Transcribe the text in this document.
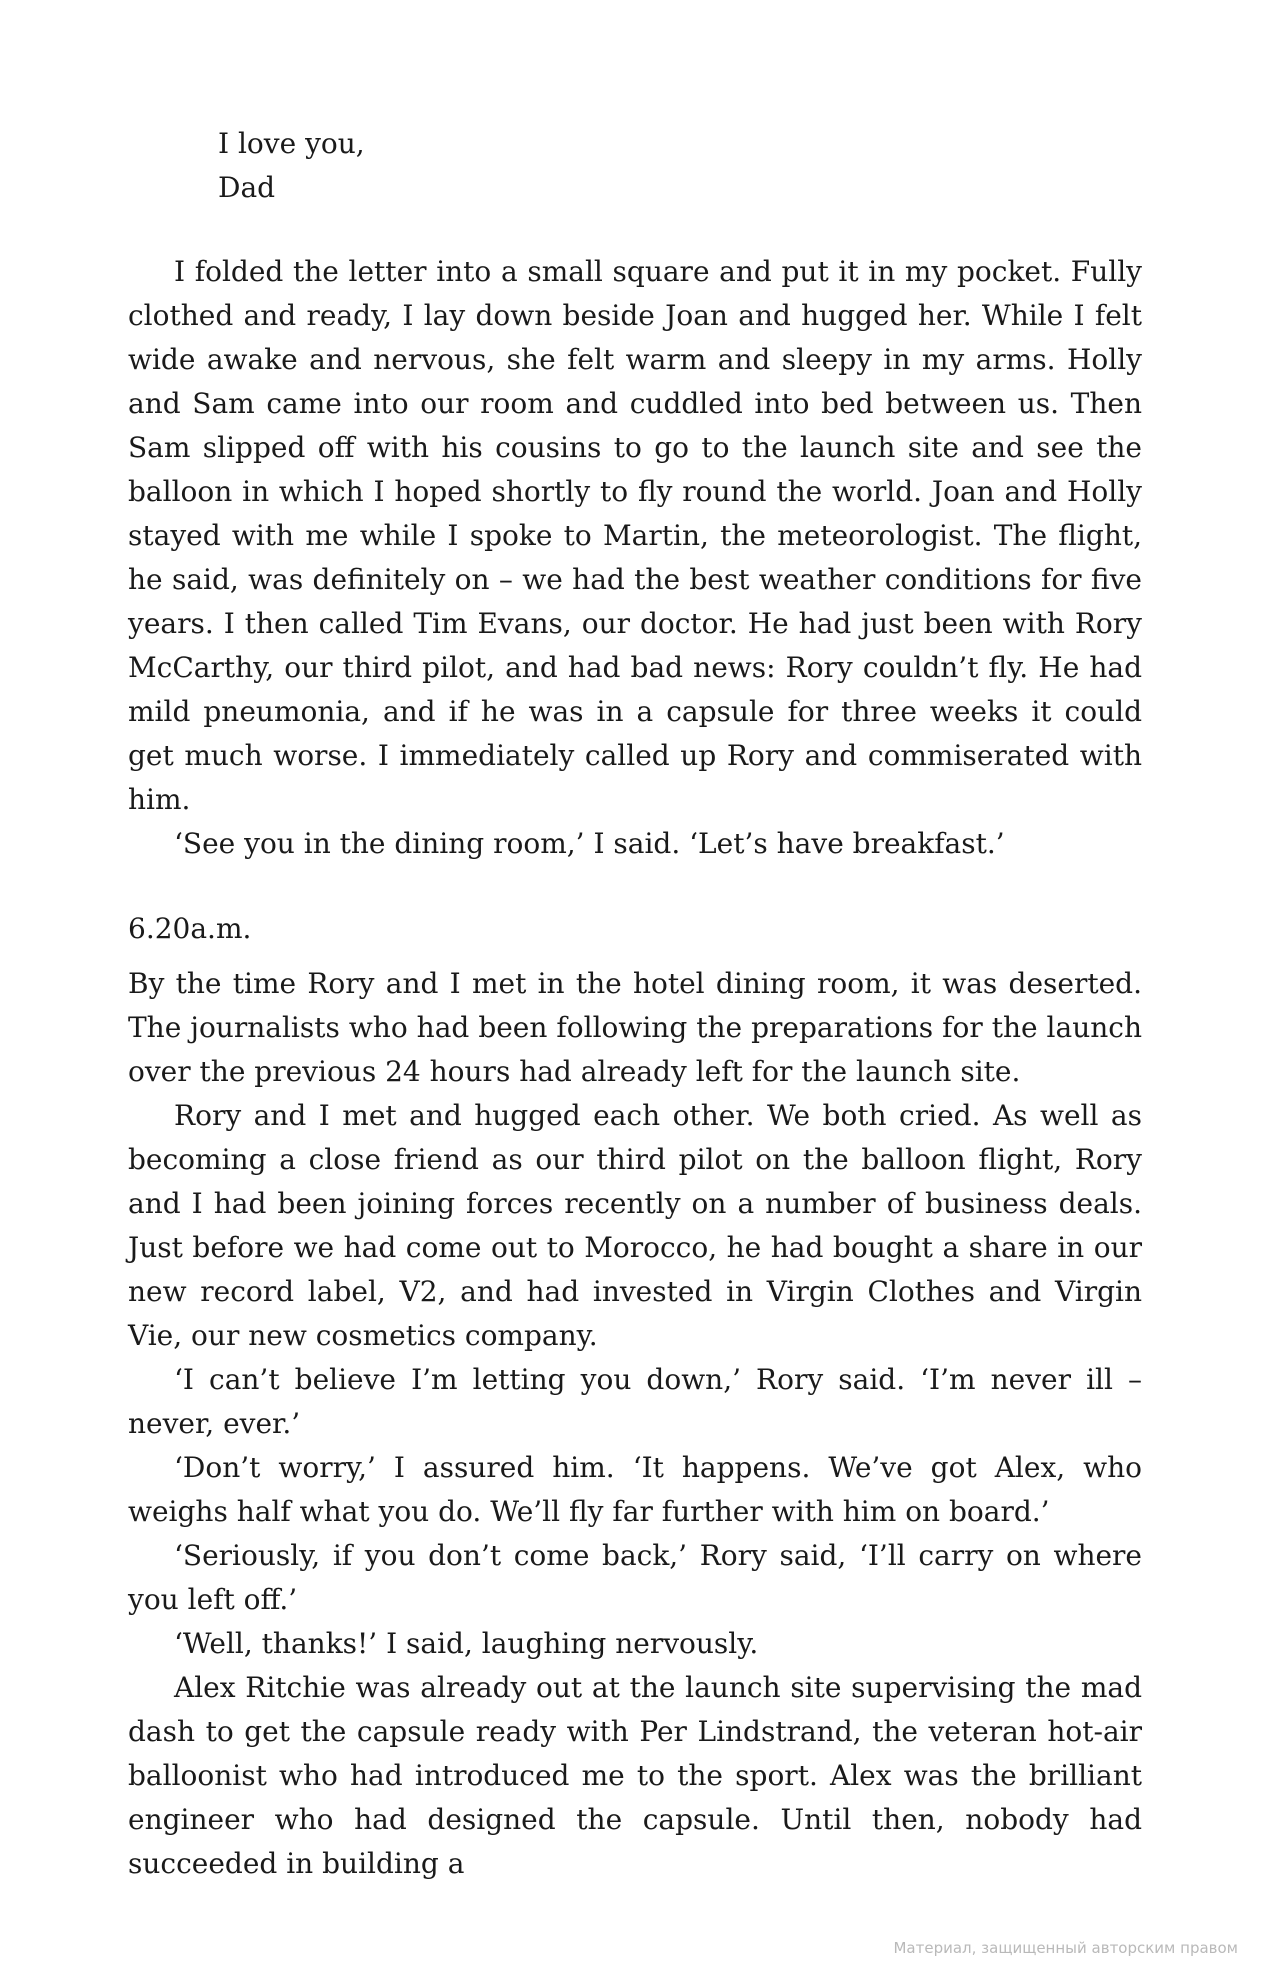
I love you,
Dad

I folded the letter into a small square and put it in my pocket. Fully clothed and ready, I lay down beside Joan and hugged her. While I felt wide awake and nervous, she felt warm and sleepy in my arms. Holly and Sam came into our room and cuddled into bed between us. Then Sam slipped off with his cousins to go to the launch site and see the balloon in which I hoped shortly to fly round the world. Joan and Holly stayed with me while I spoke to Martin, the meteorologist. The flight, he said, was definitely on – we had the best weather conditions for five years. I then called Tim Evans, our doctor. He had just been with Rory McCarthy, our third pilot, and had bad news: Rory couldn’t fly. He had mild pneumonia, and if he was in a capsule for three weeks it could get much worse. I immediately called up Rory and commiserated with him.

‘See you in the dining room,’ I said. ‘Let’s have breakfast.’

6.20a.m.

By the time Rory and I met in the hotel dining room, it was deserted. The journalists who had been following the preparations for the launch over the previous 24 hours had already left for the launch site.

Rory and I met and hugged each other. We both cried. As well as becoming a close friend as our third pilot on the balloon flight, Rory and I had been joining forces recently on a number of business deals. Just before we had come out to Morocco, he had bought a share in our new record label, V2, and had invested in Virgin Clothes and Virgin Vie, our new cosmetics company.

‘I can’t believe I’m letting you down,’ Rory said. ‘I’m never ill – never, ever.’

‘Don’t worry,’ I assured him. ‘It happens. We’ve got Alex, who weighs half what you do. We’ll fly far further with him on board.’

‘Seriously, if you don’t come back,’ Rory said, ‘I’ll carry on where you left off.’

‘Well, thanks!’ I said, laughing nervously.

Alex Ritchie was already out at the launch site supervising the mad dash to get the capsule ready with Per Lindstrand, the veteran hot-air balloonist who had introduced me to the sport. Alex was the brilliant engineer who had designed the capsule. Until then, nobody had succeeded in building a

Материал, защищенный авторским правом
